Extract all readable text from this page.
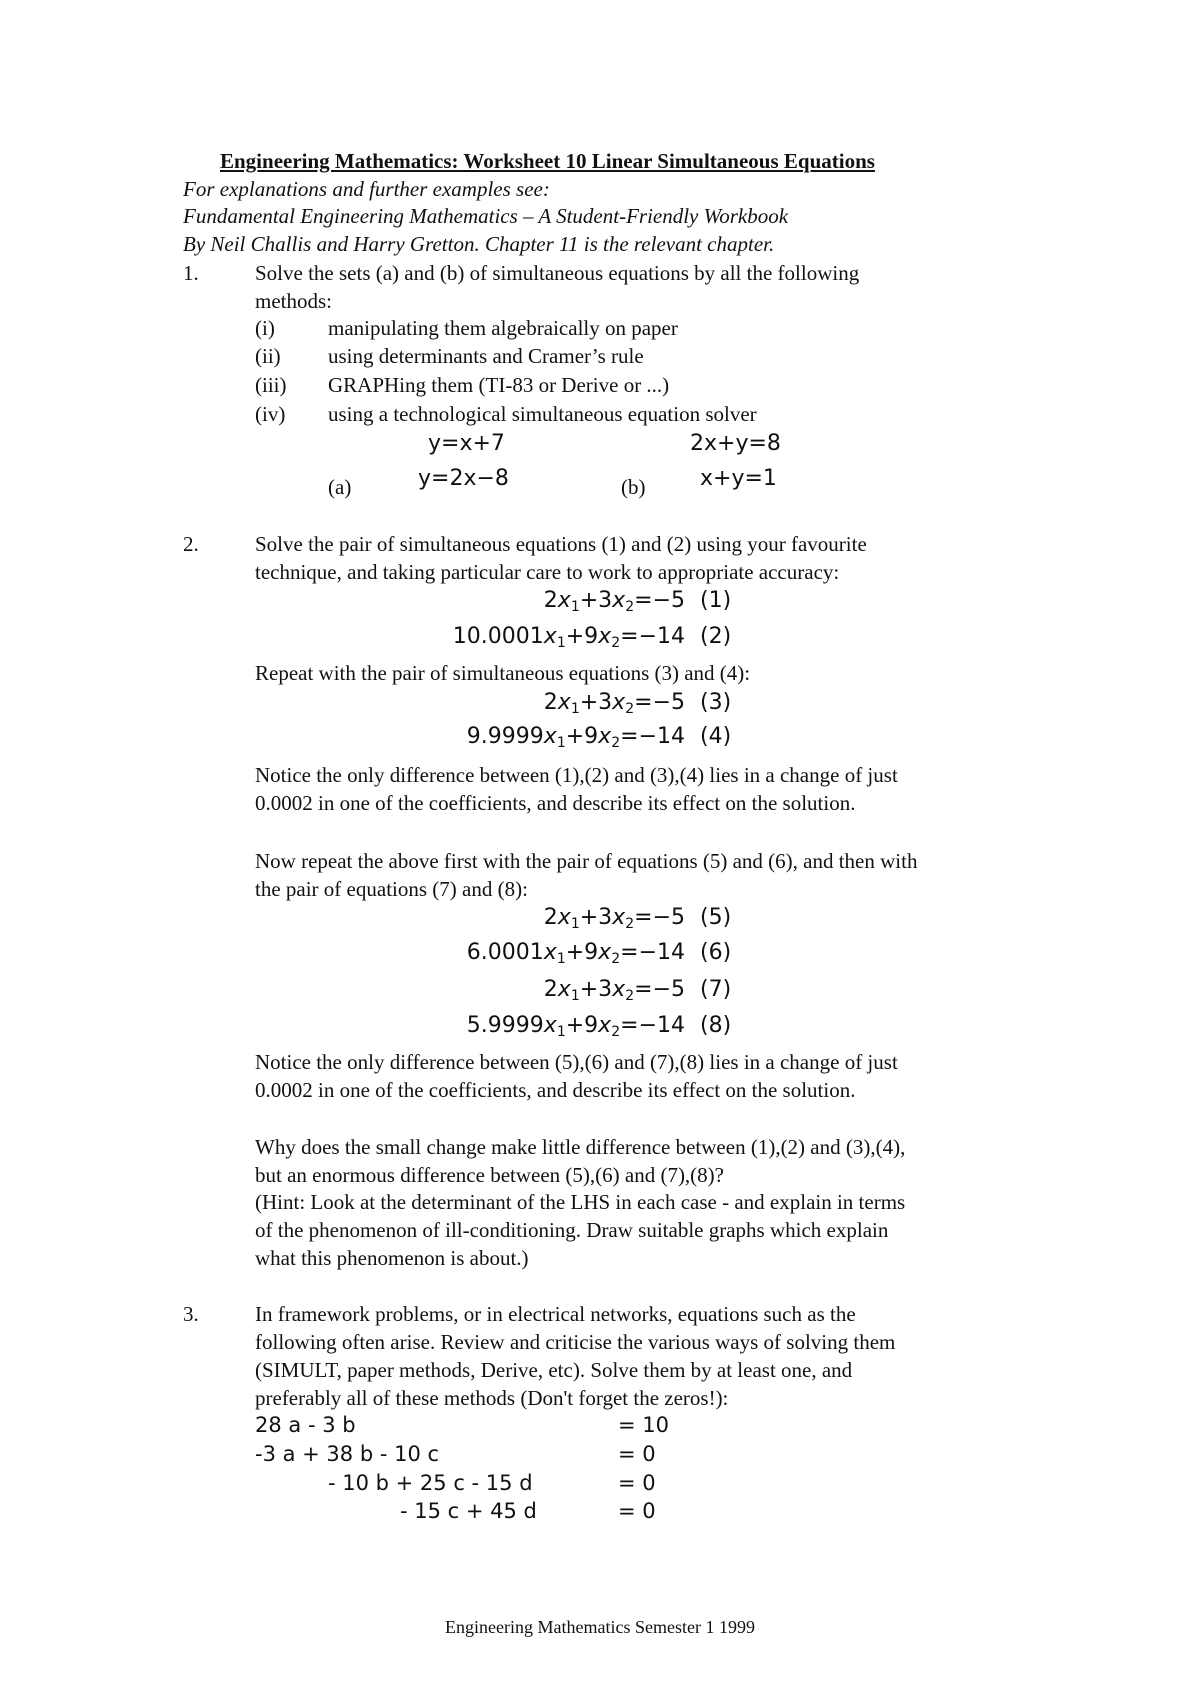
Engineering Mathematics: Worksheet 10 Linear Simultaneous Equations
For explanations and further examples see:
Fundamental Engineering Mathematics – A Student-Friendly Workbook
By Neil Challis and Harry Gretton. Chapter 11 is the relevant chapter.
1.	Solve the sets (a) and (b) of simultaneous equations by all the following
methods:
(i)	manipulating them algebraically on paper
(ii) using determinants and Cramer’s rule
(iii) GRAPHing them (TI-83 or Derive or ...)
(iv) using a technological simultaneous equation solver
y=x+7	2x+y=8
(a)	y=2x−8	(b) x+y=1
2.	Solve the pair of simultaneous equations (1) and (2) using your favourite
technique, and taking particular care to work to appropriate accuracy:
$2x_1+3x_2=-5$ (1)
$10.0001x_1+9x_2=-14$ (2)
Repeat with the pair of simultaneous equations (3) and (4):
$2x_1+3x_2=-5$ (3)
$9.9999x_1+9x_2=-14$ (4)
Notice the only difference between (1),(2) and (3),(4) lies in a change of just
0.0002 in one of the coefficients, and describe its effect on the solution.
Now repeat the above first with the pair of equations (5) and (6), and then with
the pair of equations (7) and (8):
$2x_1+3x_2=-5$ (5)
$6.0001x_1+9x_2=-14$ (6)
$2x_1+3x_2=-5$ (7)
$5.9999x_1+9x_2=-14$ (8)
Notice the only difference between (5),(6) and (7),(8) lies in a change of just
0.0002 in one of the coefficients, and describe its effect on the solution.
Why does the small change make little difference between (1),(2) and (3),(4),
but an enormous difference between (5),(6) and (7),(8)?
(Hint: Look at the determinant of the LHS in each case - and explain in terms
of the phenomenon of ill-conditioning. Draw suitable graphs which explain
what this phenomenon is about.)
3.	In framework problems, or in electrical networks, equations such as the
following often arise. Review and criticise the various ways of solving them
(SIMULT, paper methods, Derive, etc). Solve them by at least one, and
preferably all of these methods (Don't forget the zeros!):
28 a - 3 b	= 10
-3 a + 38 b - 10 c	= 0
- 10 b + 25 c - 15 d	= 0
- 15 c + 45 d	= 0
Engineering Mathematics Semester 1 1999
